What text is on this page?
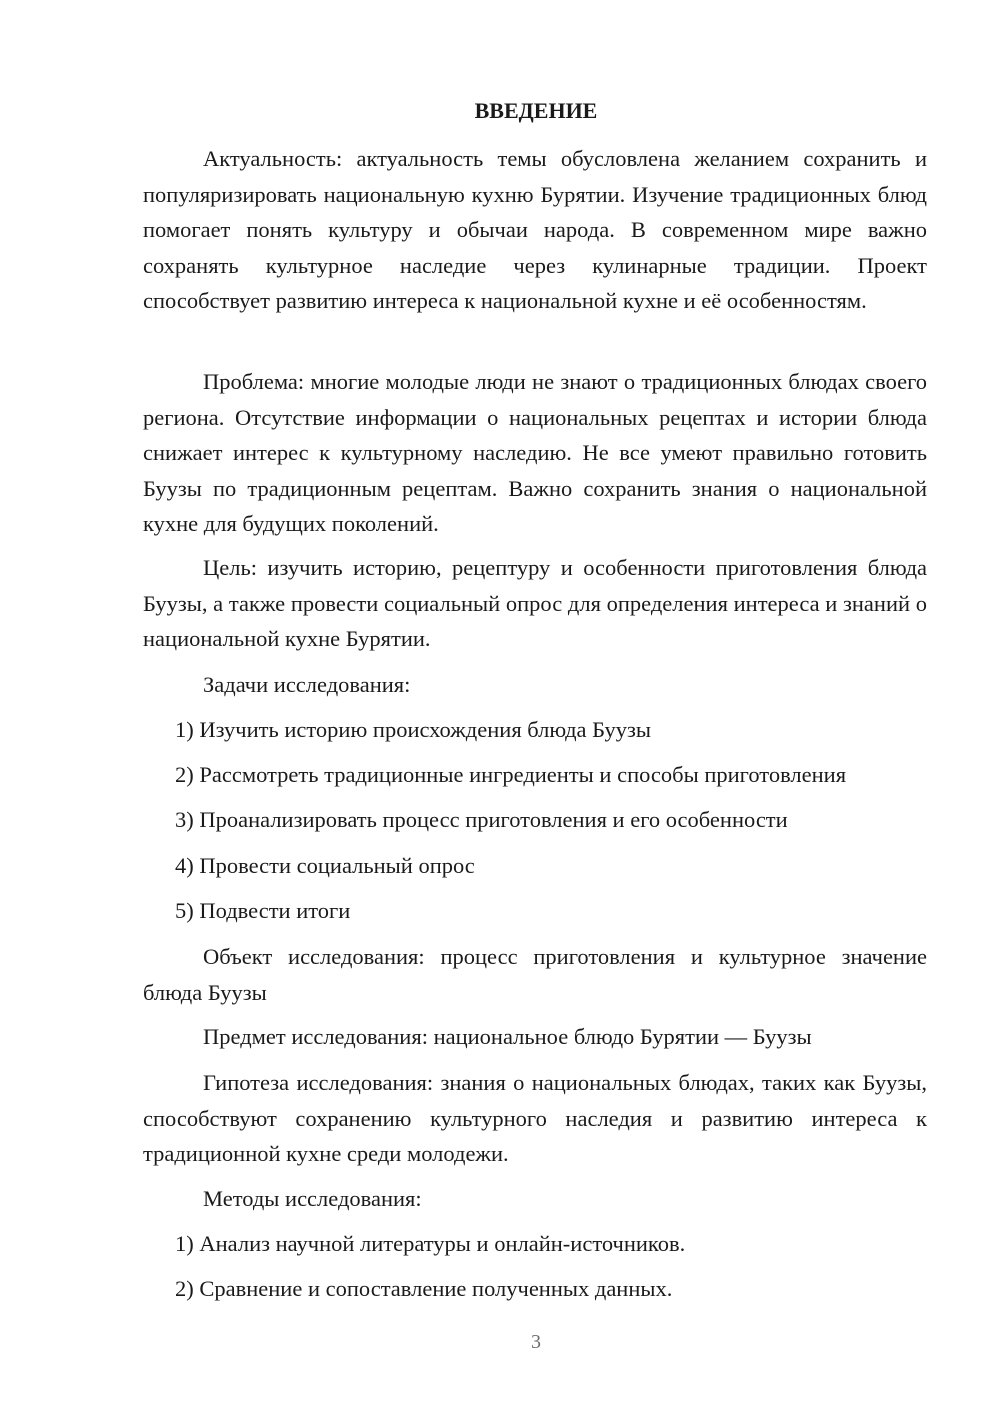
ВВЕДЕНИЕ

Актуальность: актуальность темы обусловлена желанием сохранить и популяризировать национальную кухню Бурятии. Изучение традиционных блюд помогает понять культуру и обычаи народа. В современном мире важно сохранять культурное наследие через кулинарные традиции. Проект способствует развитию интереса к национальной кухне и её особенностям.

Проблема: многие молодые люди не знают о традиционных блюдах своего региона. Отсутствие информации о национальных рецептах и истории блюда снижает интерес к культурному наследию. Не все умеют правильно готовить Буузы по традиционным рецептам. Важно сохранить знания о национальной кухне для будущих поколений.

Цель: изучить историю, рецептуру и особенности приготовления блюда Буузы, а также провести социальный опрос для определения интереса и знаний о национальной кухне Бурятии.

Задачи исследования:

1) Изучить историю происхождения блюда Буузы

2) Рассмотреть традиционные ингредиенты и способы приготовления

3) Проанализировать процесс приготовления и его особенности

4) Провести социальный опрос

5) Подвести итоги

Объект исследования: процесс приготовления и культурное значение блюда Буузы

Предмет исследования: национальное блюдо Бурятии — Буузы

Гипотеза исследования: знания о национальных блюдах, таких как Буузы, способствуют сохранению культурного наследия и развитию интереса к традиционной кухне среди молодежи.

Методы исследования:

1) Анализ научной литературы и онлайн-источников.

2) Сравнение и сопоставление полученных данных.

3
